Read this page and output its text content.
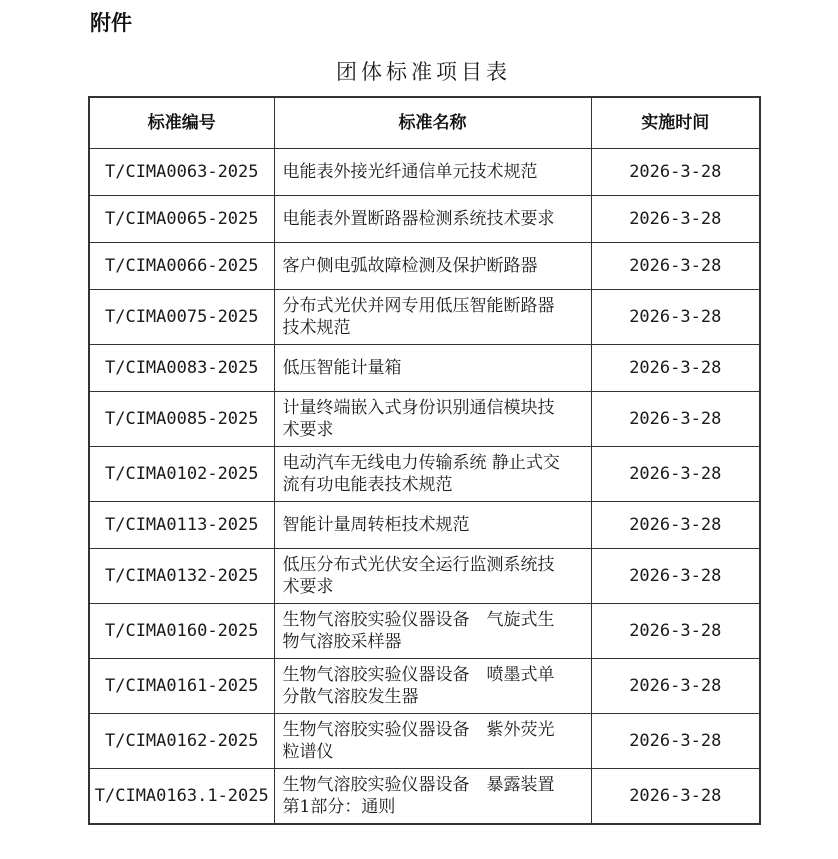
附件
团体标准项目表
标准编号	标准名称	实施时间
T/CIMA0063-2025	电能表外接光纤通信单元技术规范	2026-3-28
T/CIMA0065-2025	电能表外置断路器检测系统技术要求	2026-3-28
T/CIMA0066-2025	客户侧电弧故障检测及保护断路器	2026-3-28
T/CIMA0075-2025	分布式光伏并网专用低压智能断路器技术规范	2026-3-28
T/CIMA0083-2025	低压智能计量箱	2026-3-28
T/CIMA0085-2025	计量终端嵌入式身份识别通信模块技术要求	2026-3-28
T/CIMA0102-2025	电动汽车无线电力传输系统 静止式交流有功电能表技术规范	2026-3-28
T/CIMA0113-2025	智能计量周转柜技术规范	2026-3-28
T/CIMA0132-2025	低压分布式光伏安全运行监测系统技术要求	2026-3-28
T/CIMA0160-2025	生物气溶胶实验仪器设备　气旋式生物气溶胶采样器	2026-3-28
T/CIMA0161-2025	生物气溶胶实验仪器设备　喷墨式单分散气溶胶发生器	2026-3-28
T/CIMA0162-2025	生物气溶胶实验仪器设备　紫外荧光粒谱仪	2026-3-28
T/CIMA0163.1-2025	生物气溶胶实验仪器设备　暴露装置 第1部分：通则	2026-3-28
